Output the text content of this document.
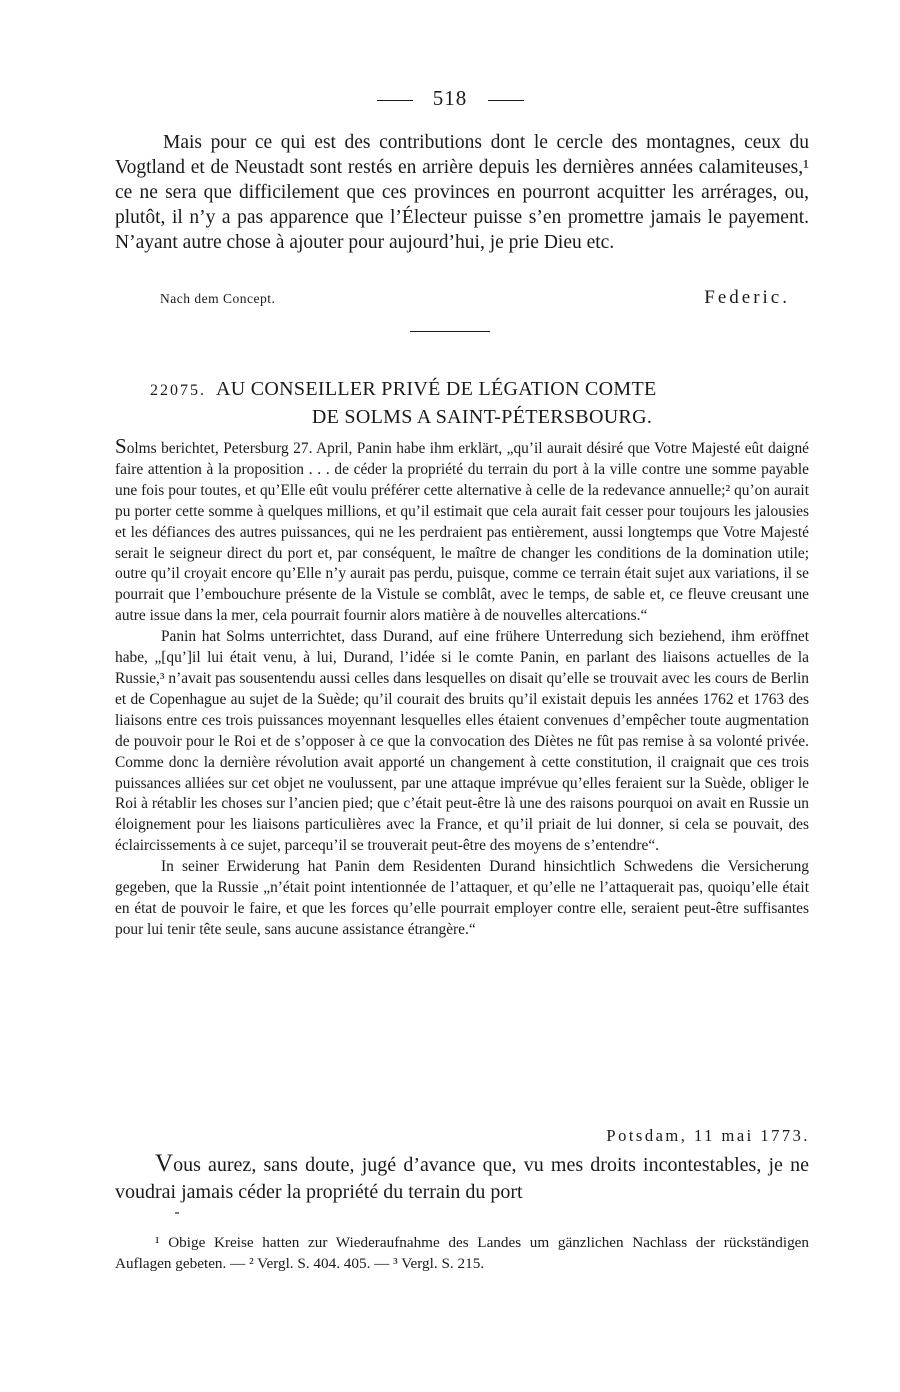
518
Mais pour ce qui est des contributions dont le cercle des montagnes, ceux du Vogtland et de Neustadt sont restés en arrière depuis les dernières années calamiteuses,¹ ce ne sera que difficilement que ces provinces en pourront acquitter les arrérages, ou, plutôt, il n’y a pas apparence que l’Électeur puisse s’en promettre jamais le payement. N’ayant autre chose à ajouter pour aujourd’hui, je prie Dieu etc.
Nach dem Concept.	Federic.
22075. AU CONSEILLER PRIVÉ DE LÉGATION COMTE
DE SOLMS A SAINT-PÉTERSBOURG.

Solms berichtet, Petersburg 27. April, Panin habe ihm erklärt, „qu’il aurait désiré que Votre Majesté eût daigné faire attention à la proposition . . . de céder la propriété du terrain du port à la ville contre une somme payable une fois pour toutes, et qu’Elle eût voulu préférer cette alternative à celle de la redevance annuelle;² qu’on aurait pu porter cette somme à quelques millions, et qu’il estimait que cela aurait fait cesser pour toujours les jalousies et les défiances des autres puissances, qui ne les perdraient pas entièrement, aussi longtemps que Votre Majesté serait le seigneur direct du port et, par conséquent, le maître de changer les conditions de la domination utile; outre qu’il croyait encore qu’Elle n’y aurait pas perdu, puisque, comme ce terrain était sujet aux variations, il se pourrait que l’embouchure présente de la Vistule se comblât, avec le temps, de sable et, ce fleuve creusant une autre issue dans la mer, cela pourrait fournir alors matière à de nouvelles altercations.“

Panin hat Solms unterrichtet, dass Durand, auf eine frühere Unterredung sich beziehend, ihm eröffnet habe, „[qu’]il lui était venu, à lui, Durand, l’idée si le comte Panin, en parlant des liaisons actuelles de la Russie,³ n’avait pas sousentendu aussi celles dans lesquelles on disait qu’elle se trouvait avec les cours de Berlin et de Copenhague au sujet de la Suède; qu’il courait des bruits qu’il existait depuis les années 1762 et 1763 des liaisons entre ces trois puissances moyennant lesquelles elles étaient convenues d’empêcher toute augmentation de pouvoir pour le Roi et de s’opposer à ce que la convocation des Diètes ne fût pas remise à sa volonté privée. Comme donc la dernière révolution avait apporté un changement à cette constitution, il craignait que ces trois puissances alliées sur cet objet ne voulussent, par une attaque imprévue qu’elles feraient sur la Suède, obliger le Roi à rétablir les choses sur l’ancien pied; que c’était peut-être là une des raisons pourquoi on avait en Russie un éloignement pour les liaisons particulières avec la France, et qu’il priait de lui donner, si cela se pouvait, des éclaircissements à ce sujet, parcequ’il se trouverait peut-être des moyens de s’entendre“.

In seiner Erwiderung hat Panin dem Residenten Durand hinsichtlich Schwedens die Versicherung gegeben, que la Russie „n’était point intentionnée de l’attaquer, et qu’elle ne l’attaquerait pas, quoiqu’elle était en état de pouvoir le faire, et que les forces qu’elle pourrait employer contre elle, seraient peut-être suffisantes pour lui tenir tête seule, sans aucune assistance étrangère.“

Potsdam, 11 mai 1773.
Vous aurez, sans doute, jugé d’avance que, vu mes droits incontestables, je ne voudrai jamais céder la propriété du terrain du port
¹ Obige Kreise hatten zur Wiederaufnahme des Landes um gänzlichen Nachlass der rückständigen Auflagen gebeten. — ² Vergl. S. 404. 405. — ³ Vergl. S. 215.
